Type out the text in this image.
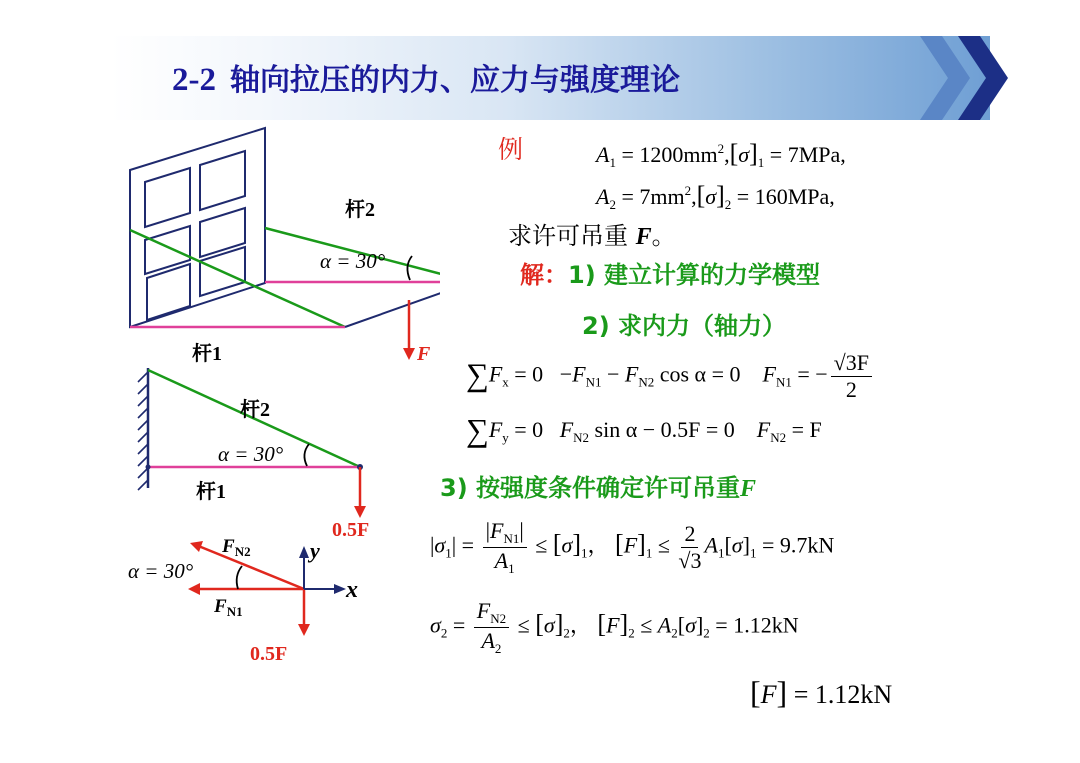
2-2 轴向拉压的内力、应力与强度理论
杆2
α = 30°
杆1	F
杆2
α = 30°
杆1
0.5F
$F_{N2}$
$F_{N1}$
α = 30°
y
x
0.5F
例	$A_1 = 1200mm^2,[\sigma]_1 = 7MPa$,
$A_2 = 7mm^2,[\sigma]_2 = 160MPa$,
求许可吊重 F。
解：1) 建立计算的力学模型
2) 求内力（轴力）
$\sum F_x = 0 -F_{N1} - F_{N2}$ cos α = 0 $F_{N1}$ = − $\frac{√3F}{2}$
$\sum F_y = 0$ $F_{N2}$ sin α − 0.5F = 0 $F_{N2} = F$
3) 按强度条件确定许可吊重F
$|\sigma_1| = \frac{|F_{N1}|}{A_1} \le [\sigma]_1$， $[F]_1 \le \frac{2}{√3} A_1[\sigma]_1 = 9.7kN$
$\sigma_2 = \frac{F_{N2}}{A_2} \le [\sigma]_2$， $[F]_2 \le A_2[\sigma]_2 = 1.12kN$
[F] = 1.12kN
